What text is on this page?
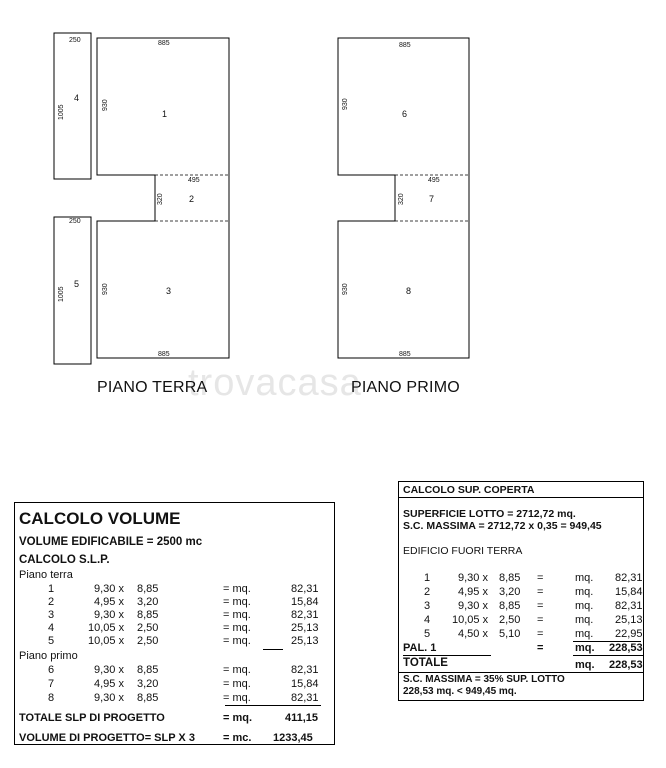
250
1005
4
250
1005
5
885
930
1
495
320	2
930	3
885
885
930
6
495
320	7
930	8
885
trovacasa
PIANO TERRA	PIANO PRIMO
CALCOLO VOLUME
VOLUME EDIFICABILE = 2500 mc
CALCOLO S.L.P.
Piano terra
1	9,30 x 8,85	= mq.	82,31
2	4,95 x 3,20	= mq.	15,84
3	9,30 x 8,85	= mq.	82,31
4	10,05 x 2,50	= mq.	25,13
5	10,05 x 2,50	= mq.	25,13
Piano primo
6	9,30 x 8,85	= mq.	82,31
7	4,95 x 3,20	= mq.	15,84
8	9,30 x 8,85	= mq.	82,31
TOTALE SLP DI PROGETTO	= mq.	411,15
VOLUME DI PROGETTO= SLP X 3	= mc. 1233,45
CALCOLO SUP. COPERTA
SUPERFICIE LOTTO = 2712,72 mq.
S.C. MASSIMA = 2712,72 x 0,35 = 949,45
EDIFICIO FUORI TERRA
1	9,30 x 8,85 =	mq. 82,31
2	4,95 x 3,20 =	mq. 15,84
3	9,30 x 8,85 =	mq. 82,31
4 10,05 x 2,50 =	mq. 25,13
5	4,50 x 5,10 =	mq. 22,95
PAL. 1	=	mq. 228,53
TOTALE	mq. 228,53
S.C. MASSIMA = 35% SUP. LOTTO
228,53 mq. < 949,45 mq.
